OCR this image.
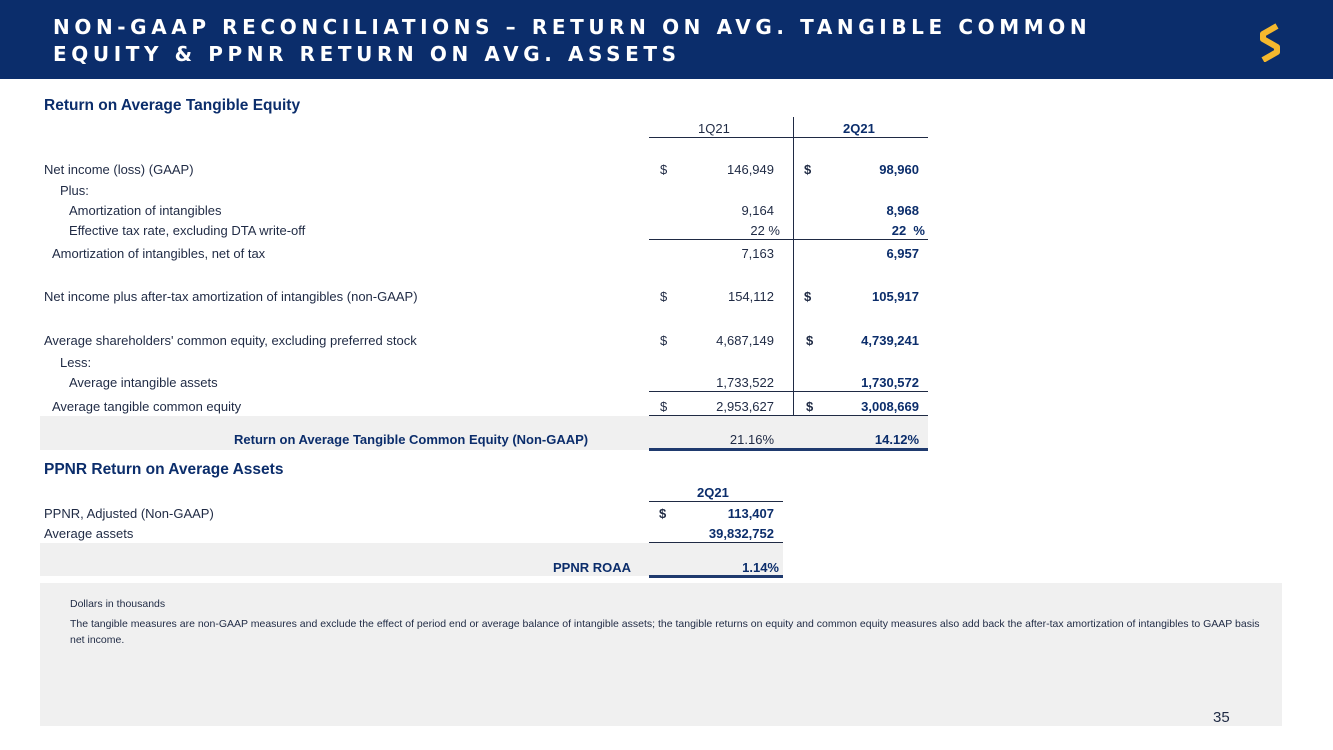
NON-GAAP RECONCILIATIONS – RETURN ON AVG. TANGIBLE COMMON EQUITY & PPNR RETURN ON AVG. ASSETS
Return on Average Tangible Equity
1Q21	2Q21
Net income (loss) (GAAP)	$	146,949 $	98,960
Plus:
Amortization of intangibles	9,164	8,968
Effective tax rate, excluding DTA write-off	22 %	22  %
Amortization of intangibles, net of tax	7,163	6,957
Net income plus after-tax amortization of intangibles (non-GAAP)	$	154,112 $	105,917
Average shareholders' common equity, excluding preferred stock	$	4,687,149 $	4,739,241
Less:
Average intangible assets	1,733,522	1,730,572
Average tangible common equity	$	2,953,627 $	3,008,669
Return on Average Tangible Common Equity (Non-GAAP)	21.16%	14.12%
PPNR Return on Average Assets
2Q21
PPNR, Adjusted (Non-GAAP)	$	113,407
Average assets	39,832,752
PPNR ROAA	1.14%
Dollars in thousands
The tangible measures are non-GAAP measures and exclude the effect of period end or average balance of intangible assets; the tangible returns on equity and common equity measures also add back the after-tax amortization of intangibles to GAAP basis net income.
35
